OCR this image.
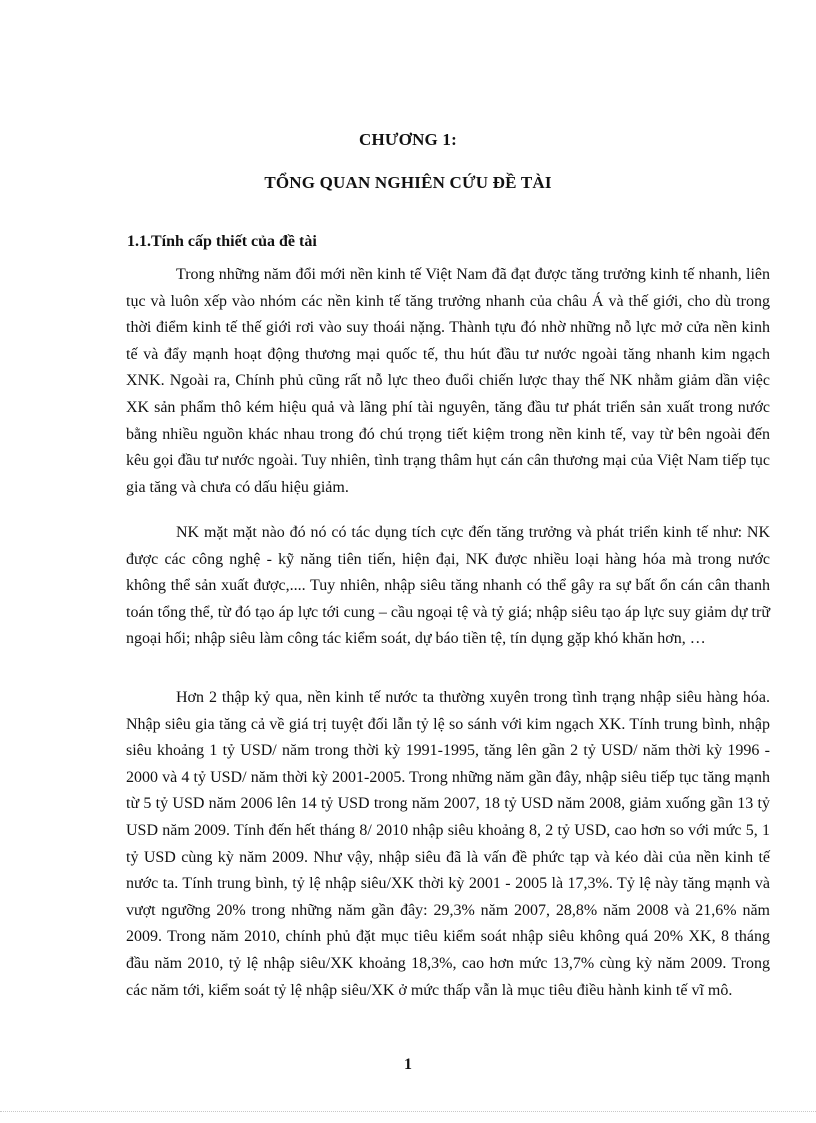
CHƯƠNG 1:
TỔNG QUAN NGHIÊN CỨU ĐỀ TÀI
1.1.Tính cấp thiết của đề tài

Trong những năm đổi mới nền kinh tế Việt Nam đã đạt được tăng trưởng kinh tế nhanh, liên tục và luôn xếp vào nhóm các nền kinh tế tăng trưởng nhanh của châu Á và thế giới, cho dù trong thời điểm kinh tế thế giới rơi vào suy thoái nặng. Thành tựu đó nhờ những nỗ lực mở cửa nền kinh tế và đẩy mạnh hoạt động thương mại quốc tế, thu hút đầu tư nước ngoài tăng nhanh kim ngạch XNK. Ngoài ra, Chính phủ cũng rất nỗ lực theo đuổi chiến lược thay thế NK nhằm giảm dần việc XK sản phẩm thô kém hiệu quả và lãng phí tài nguyên, tăng đầu tư phát triển sản xuất trong nước bằng nhiều nguồn khác nhau trong đó chú trọng tiết kiệm trong nền kinh tế, vay từ bên ngoài đến kêu gọi đầu tư nước ngoài. Tuy nhiên, tình trạng thâm hụt cán cân thương mại của Việt Nam tiếp tục gia tăng và chưa có dấu hiệu giảm.

NK mặt mặt nào đó nó có tác dụng tích cực đến tăng trưởng và phát triển kinh tế như: NK được các công nghệ - kỹ năng tiên tiến, hiện đại, NK được nhiều loại hàng hóa mà trong nước không thể sản xuất được,.... Tuy nhiên, nhập siêu tăng nhanh có thể gây ra sự bất ổn cán cân thanh toán tổng thể, từ đó tạo áp lực tới cung – cầu ngoại tệ và tỷ giá; nhập siêu tạo áp lực suy giảm dự trữ ngoại hối; nhập siêu làm công tác kiểm soát, dự báo tiền tệ, tín dụng gặp khó khăn hơn, …

Hơn 2 thập kỷ qua, nền kinh tế nước ta thường xuyên trong tình trạng nhập siêu hàng hóa. Nhập siêu gia tăng cả về giá trị tuyệt đối lẫn tỷ lệ so sánh với kim ngạch XK. Tính trung bình, nhập siêu khoảng 1 tỷ USD/ năm trong thời kỳ 1991-1995, tăng lên gần 2 tỷ USD/ năm thời kỳ 1996 - 2000 và 4 tỷ USD/ năm thời kỳ 2001-2005. Trong những năm gần đây, nhập siêu tiếp tục tăng mạnh từ 5 tỷ USD năm 2006 lên 14 tỷ USD trong năm 2007, 18 tỷ USD năm 2008, giảm xuống gần 13 tỷ USD năm 2009. Tính đến hết tháng 8/ 2010 nhập siêu khoảng 8, 2 tỷ USD, cao hơn so với mức 5, 1 tỷ USD cùng kỳ năm 2009. Như vậy, nhập siêu đã là vấn đề phức tạp và kéo dài của nền kinh tế nước ta. Tính trung bình, tỷ lệ nhập siêu/XK thời kỳ 2001 - 2005 là 17,3%. Tỷ lệ này tăng mạnh và vượt ngưỡng 20% trong những năm gần đây: 29,3% năm 2007, 28,8% năm 2008 và 21,6% năm 2009. Trong năm 2010, chính phủ đặt mục tiêu kiểm soát nhập siêu không quá 20% XK, 8 tháng đầu năm 2010, tỷ lệ nhập siêu/XK khoảng 18,3%, cao hơn mức 13,7% cùng kỳ năm 2009. Trong các năm tới, kiểm soát tỷ lệ nhập siêu/XK ở mức thấp vẫn là mục tiêu điều hành kinh tế vĩ mô.

1
